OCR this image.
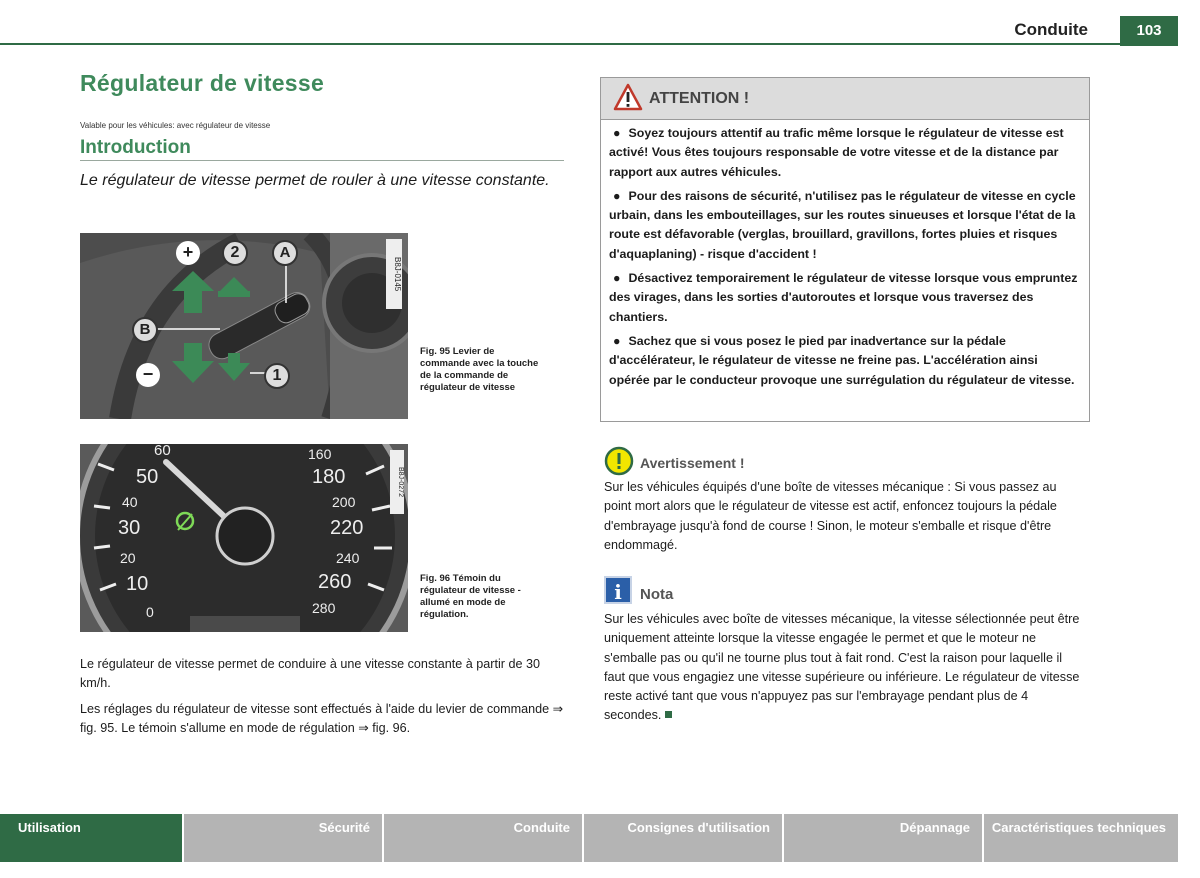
Conduite	103
Régulateur de vitesse
Valable pour les véhicules: avec régulateur de vitesse
Introduction
Le régulateur de vitesse permet de rouler à une vitesse constante.
+	2	A
B
−	1
B8J-0145
Fig. 95 Levier de commande avec la touche de la commande de régulateur de vitesse
60
50
40
30
20
10
0
160
180
200
220
240
260
280
B8J-0272
Fig. 96 Témoin du régulateur de vitesse - allumé en mode de régulation.
Le régulateur de vitesse permet de conduire à une vitesse constante à partir de 30 km/h.
Les réglages du régulateur de vitesse sont effectués à l'aide du levier de commande ⇒ fig. 95. Le témoin s'allume en mode de régulation ⇒ fig. 96.
ATTENTION !
● Soyez toujours attentif au trafic même lorsque le régulateur de vitesse est activé! Vous êtes toujours responsable de votre vitesse et de la distance par rapport aux autres véhicules.
● Pour des raisons de sécurité, n'utilisez pas le régulateur de vitesse en cycle urbain, dans les embouteillages, sur les routes sinueuses et lorsque l'état de la route est défavorable (verglas, brouillard, gravillons, fortes pluies et risques d'aquaplaning) - risque d'accident !
● Désactivez temporairement le régulateur de vitesse lorsque vous empruntez des virages, dans les sorties d'autoroutes et lorsque vous traversez des chantiers.
● Sachez que si vous posez le pied par inadvertance sur la pédale d'accélérateur, le régulateur de vitesse ne freine pas. L'accélération ainsi opérée par le conducteur provoque une surrégulation du régulateur de vitesse.
Avertissement !
Sur les véhicules équipés d'une boîte de vitesses mécanique : Si vous passez au point mort alors que le régulateur de vitesse est actif, enfoncez toujours la pédale d'embrayage jusqu'à fond de course ! Sinon, le moteur s'emballe et risque d'être endommagé.
i	Nota
Sur les véhicules avec boîte de vitesses mécanique, la vitesse sélectionnée peut être uniquement atteinte lorsque la vitesse engagée le permet et que le moteur ne s'emballe pas ou qu'il ne tourne plus tout à fait rond. C'est la raison pour laquelle il faut que vous engagiez une vitesse supérieure ou inférieure. Le régulateur de vitesse reste activé tant que vous n'appuyez pas sur l'embrayage pendant plus de 4 secondes.
Utilisation	Sécurité	Conduite	Consignes d'utilisation	Dépannage	Caractéristiques techniques
